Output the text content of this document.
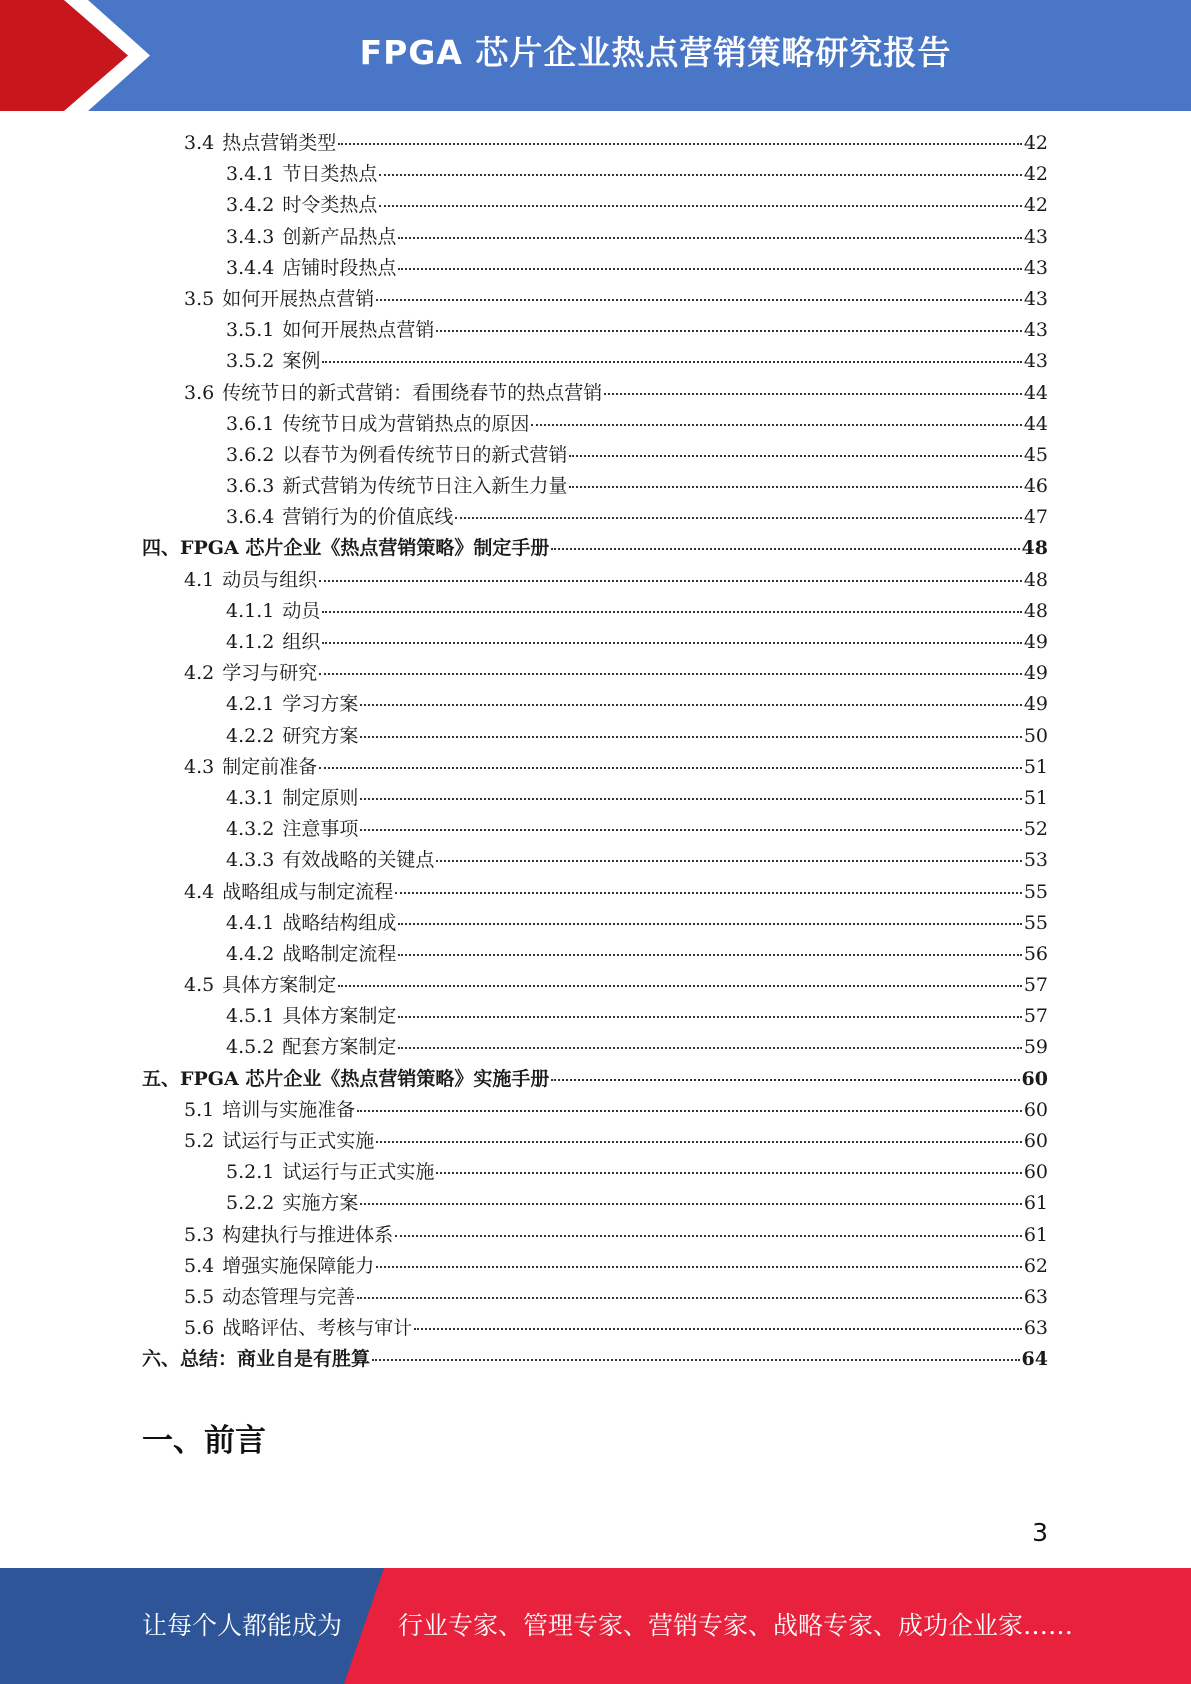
FPGA 芯片企业热点营销策略研究报告
3.4 热点营销类型	42
3.4.1 节日类热点	42
3.4.2 时令类热点	42
3.4.3 创新产品热点	43
3.4.4 店铺时段热点	43
3.5 如何开展热点营销	43
3.5.1 如何开展热点营销	43
3.5.2 案例	43
3.6 传统节日的新式营销：看围绕春节的热点营销	44
3.6.1 传统节日成为营销热点的原因	44
3.6.2 以春节为例看传统节日的新式营销	45
3.6.3 新式营销为传统节日注入新生力量	46
3.6.4 营销行为的价值底线	47
四、FPGA 芯片企业《热点营销策略》制定手册	48
4.1 动员与组织	48
4.1.1 动员	48
4.1.2 组织	49
4.2 学习与研究	49
4.2.1 学习方案	49
4.2.2 研究方案	50
4.3 制定前准备	51
4.3.1 制定原则	51
4.3.2 注意事项	52
4.3.3 有效战略的关键点	53
4.4 战略组成与制定流程	55
4.4.1 战略结构组成	55
4.4.2 战略制定流程	56
4.5 具体方案制定	57
4.5.1 具体方案制定	57
4.5.2 配套方案制定	59
五、FPGA 芯片企业《热点营销策略》实施手册	60
5.1 培训与实施准备	60
5.2 试运行与正式实施	60
5.2.1 试运行与正式实施	60
5.2.2 实施方案	61
5.3 构建执行与推进体系	61
5.4 增强实施保障能力	62
5.5 动态管理与完善	63
5.6 战略评估、考核与审计	63
六、总结：商业自是有胜算	64
一、前言
3
让每个人都能成为 行业专家、管理专家、营销专家、战略专家、成功企业家……
